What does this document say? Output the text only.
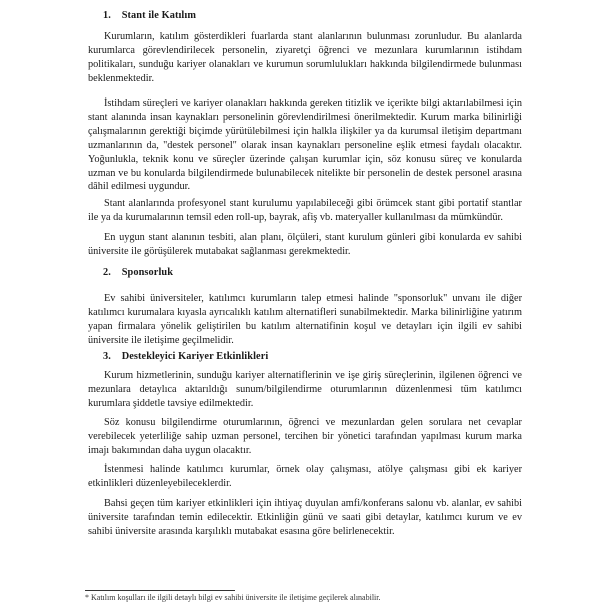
1. Stant ile Katılım

Kurumların, katılım gösterdikleri fuarlarda stant alanlarının bulunması zorunludur. Bu alanlarda kurumlarca görevlendirilecek personelin, ziyaretçi öğrenci ve mezunlara kurumlarının istihdam politikaları, sunduğu kariyer olanakları ve kurumun sorumlulukları hakkında bilgilendirmede bulunması beklenmektedir.

İstihdam süreçleri ve kariyer olanakları hakkında gereken titizlik ve içerikte bilgi aktarılabilmesi için stant alanında insan kaynakları personelinin görevlendirilmesi önerilmektedir. Kurum marka bilinirliği çalışmalarının gerektiği biçimde yürütülebilmesi için halkla ilişkiler ya da kurumsal iletişim departmanı uzmanlarının da, "destek personel" olarak insan kaynakları personeline eşlik etmesi faydalı olacaktır. Yoğunlukla, teknik konu ve süreçler üzerinde çalışan kurumlar için, söz konusu süreç ve konularda uzman ve bu konularda bilgilendirmede bulunabilecek nitelikte bir personelin de destek personel arasına dâhil edilmesi uygundur.

Stant alanlarında profesyonel stant kurulumu yapılabileceği gibi örümcek stant gibi portatif stantlar ile ya da kurumalarının temsil eden roll-up, bayrak, afiş vb. materyaller kullanılması da mümkündür.

En uygun stant alanının tesbiti, alan planı, ölçüleri, stant kurulum günleri gibi konularda ev sahibi üniversite ile görüşülerek mutabakat sağlanması gerekmektedir.

2. Sponsorluk

Ev sahibi üniversiteler, katılımcı kurumların talep etmesi halinde "sponsorluk" unvanı ile diğer katılımcı kurumalara kıyasla ayrıcalıklı katılım alternatifleri sunabilmektedir. Marka bilinirliğine yatırım yapan firmalara yönelik geliştirilen bu katılım alternatifinin koşul ve detayları için ilgili ev sahibi üniversite ile iletişime geçilmelidir.

3. Destekleyici Kariyer Etkinlikleri

Kurum hizmetlerinin, sunduğu kariyer alternatiflerinin ve işe giriş süreçlerinin, ilgilenen öğrenci ve mezunlara detaylıca aktarıldığı sunum/bilgilendirme oturumlarının düzenlenmesi tüm katılımcı kurumlara şiddetle tavsiye edilmektedir.

Söz konusu bilgilendirme oturumlarının, öğrenci ve mezunlardan gelen sorulara net cevaplar verebilecek yeterliliğe sahip uzman personel, tercihen bir yönetici tarafından yapılması kurum marka imajı bakımından daha uygun olacaktır.

İstenmesi halinde katılımcı kurumlar, örnek olay çalışması, atölye çalışması gibi ek kariyer etkinlikleri düzenleyebileceklerdir.

Bahsi geçen tüm kariyer etkinlikleri için ihtiyaç duyulan amfi/konferans salonu vb. alanlar, ev sahibi üniversite tarafından temin edilecektir. Etkinliğin günü ve saati gibi detaylar, katılımcı kurum ve ev sahibi üniversite arasında karşılıklı mutabakat esasına göre belirlenecektir.

* Katılım koşulları ile ilgili detaylı bilgi ev sahibi üniversite ile iletişime geçilerek alınabilir.
